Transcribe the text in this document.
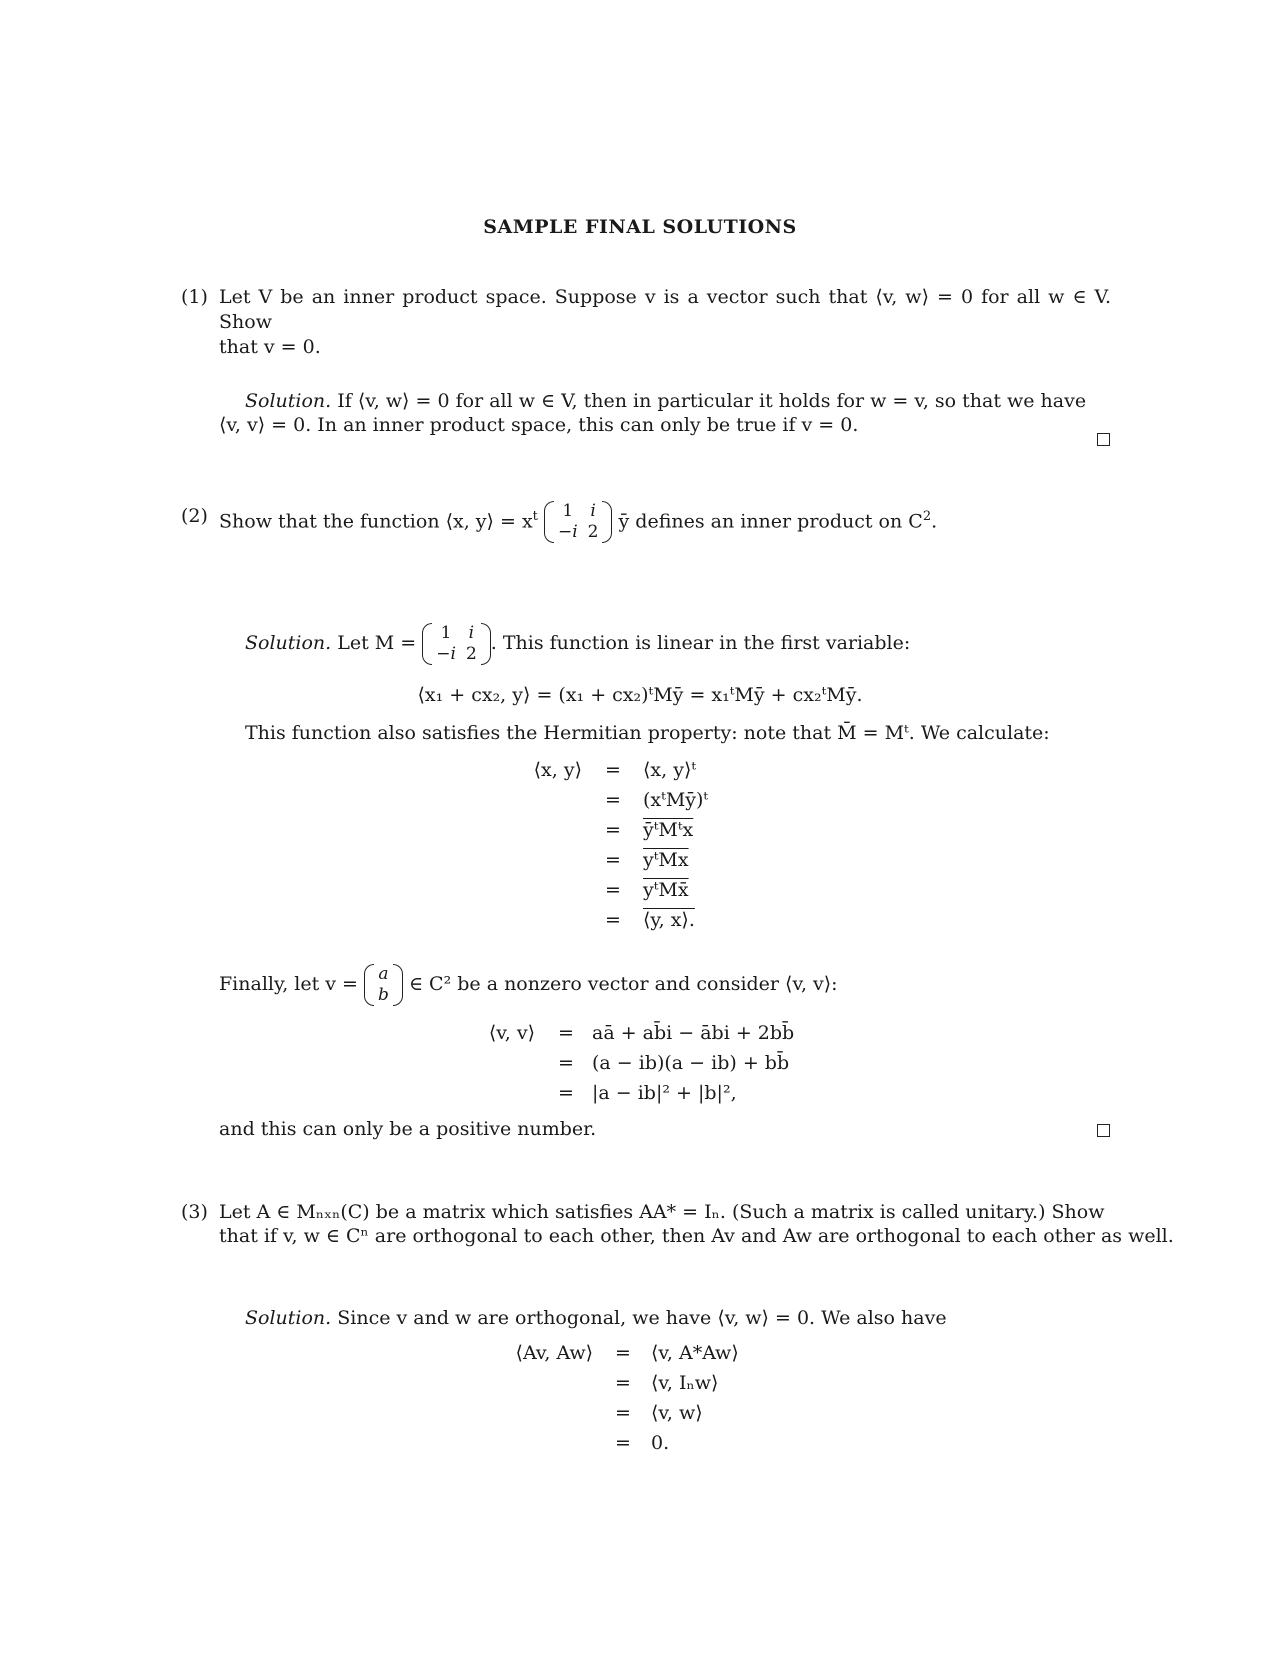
SAMPLE FINAL SOLUTIONS
(1) Let V be an inner product space. Suppose v is a vector such that ⟨v, w⟩ = 0 for all w ∈ V. Show
that v = 0.
Solution. If ⟨v, w⟩ = 0 for all w ∈ V, then in particular it holds for w = v, so that we have
⟨v, v⟩ = 0. In an inner product space, this can only be true if v = 0.
(2) Show that the function ⟨x, y⟩ = $x^t$ 1	i
−i	2 ȳ defines an inner product on $C^2$.
Solution. Let M = 1	i
−i	2 . This function is linear in the first variable:
⟨x₁ + cx₂, y⟩ = (x₁ + cx₂)ᵗMȳ = x₁ᵗMȳ + cx₂ᵗMȳ.
This function also satisfies the Hermitian property: note that M̄ = Mᵗ. We calculate:
⟨x, y⟩ = ⟨x, y⟩ᵗ
= (xᵗMȳ)ᵗ
= ȳᵗMᵗx
= yᵗMx
= yᵗMx̄
= ⟨y, x⟩.
Finally, let v = a
b ∈ C² be a nonzero vector and consider ⟨v, v⟩:
⟨v, v⟩ = aā + ab̄i − ābi + 2bb̄
= (a − ib)(a − ib) + bb̄
= |a − ib|² + |b|²,
and this can only be a positive number.
(3) Let A ∈ Mₙₓₙ(C) be a matrix which satisfies AA* = Iₙ. (Such a matrix is called unitary.) Show
that if v, w ∈ Cⁿ are orthogonal to each other, then Av and Aw are orthogonal to each other as well.
Solution. Since v and w are orthogonal, we have ⟨v, w⟩ = 0. We also have
⟨Av, Aw⟩ = ⟨v, A*Aw⟩
= ⟨v, Iₙw⟩
= ⟨v, w⟩
= 0.
